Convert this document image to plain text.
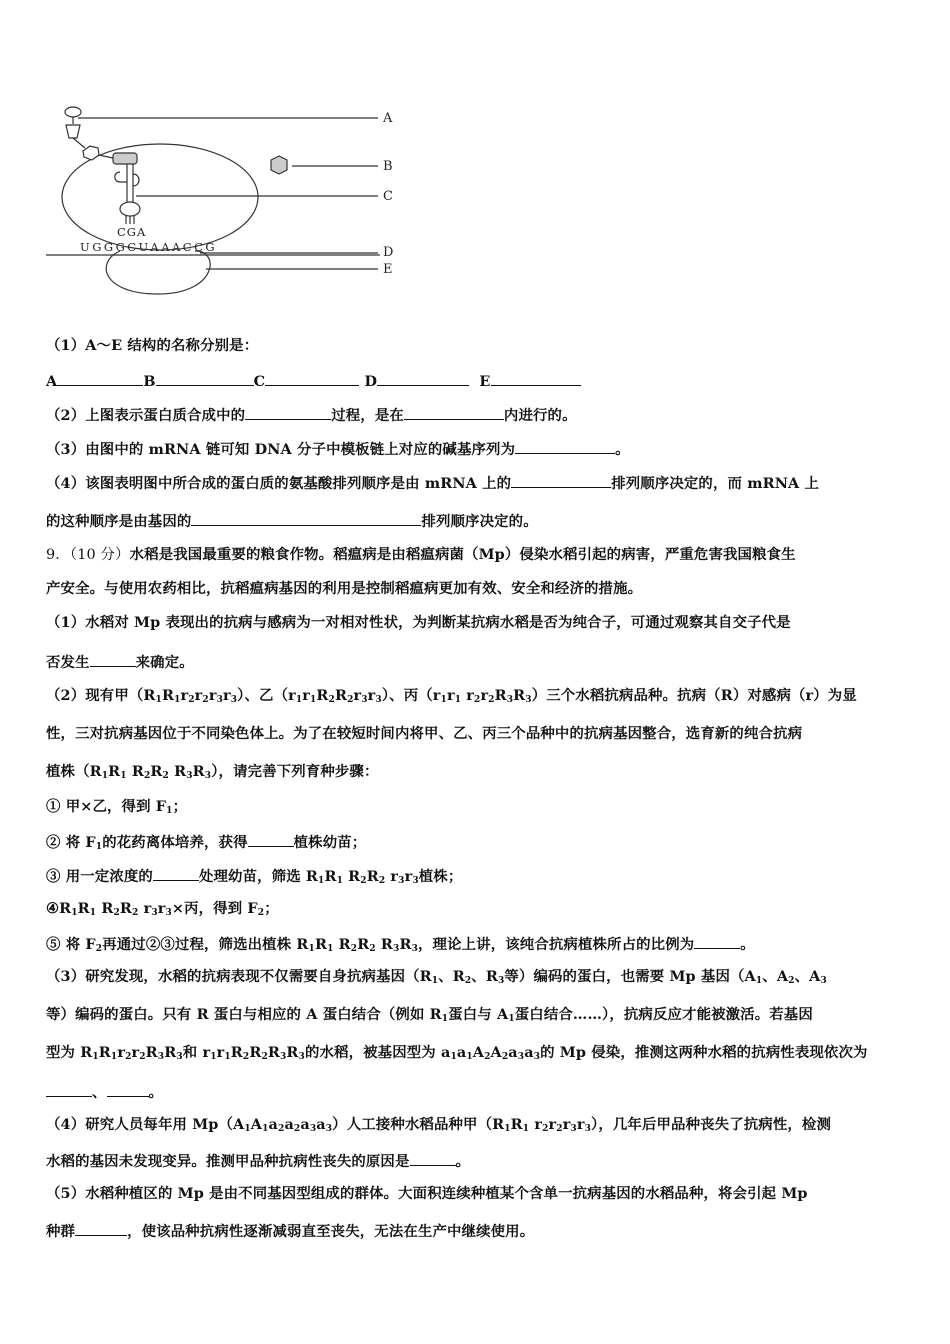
A
B
C
D
E
CGA
UGGGCUAAACCG
（1）A～E 结构的名称分别是：
A	B	C	D	E
（2）上图表示蛋白质合成中的	过程，是在	内进行的。
（3）由图中的 mRNA 链可知 DNA 分子中模板链上对应的碱基序列为	。
（4）该图表明图中所合成的蛋白质的氨基酸排列顺序是由 mRNA 上的	排列顺序决定的，而 mRNA 上
的这种顺序是由基因的	排列顺序决定的。
9．（10 分）水稻是我国最重要的粮食作物。稻瘟病是由稻瘟病菌（Mp）侵染水稻引起的病害，严重危害我国粮食生
产安全。与使用农药相比，抗稻瘟病基因的利用是控制稻瘟病更加有效、安全和经济的措施。
（1）水稻对 Mp 表现出的抗病与感病为一对相对性状，为判断某抗病水稻是否为纯合子，可通过观察其自交子代是
否发生	来确定。
（2）现有甲$(R_1R_1r_2r_2r_3r_3)$、乙$(r_1r_1R_2R_2r_3r_3)$、丙（$r_1r_1$ $r_2r_2R_3R_3$）三个水稻抗病品种。抗病（R）对感病（r）为显
性，三对抗病基因位于不同染色体上。为了在较短时间内将甲、乙、丙三个品种中的抗病基因整合，选育新的纯合抗病
植株（$R_1R_1$ $R_2R_2$ $R_3R_3$），请完善下列育种步骤：
① 甲×乙，得到 $F_1$；
② 将 $F_1$的花药离体培养，获得	植株幼苗；
③ 用一定浓度的	处理幼苗，筛选 $R_1R_1$ $R_2R_2$ $r_3r_3$植株；
$④R_1R_1$ $R_2R_2$ $r_3r_3\times$丙，得到 $F_2$；
⑤ 将 $F_2$再通过②③过程，筛选出植株 $R_1R_1$ $R_2R_2$ $R_3R_3$，理论上讲，该纯合抗病植株所占的比例为	。
（3）研究发现，水稻的抗病表现不仅需要自身抗病基因（$R_1$、$R_2$、$R_3$等）编码的蛋白，也需要 Mp 基因（$A_1$、$A_2$、$A_3$
等）编码的蛋白。只有 R 蛋白与相应的 A 蛋白结合（例如 $R_1$蛋白与 $A_1$蛋白结合……），抗病反应才能被激活。若基因
型为 $R_1R_1r_2r_2R_3R_3$和 $r_1r_1R_2R_2R_3R_3$的水稻，被基因型为 $a_1a_1A_2A_2a_3a_3$的 Mp 侵染，推测这两种水稻的抗病性表现依次为
、	。
（4）研究人员每年用 $Mp(A_1A_1a_2a_2a_3a_3)$人工接种水稻品种甲（$R_1R_1$ $r_2r_2r_3r_3$），几年后甲品种丧失了抗病性，检测
水稻的基因未发现变异。推测甲品种抗病性丧失的原因是	。
（5）水稻种植区的 Mp 是由不同基因型组成的群体。大面积连续种植某个含单一抗病基因的水稻品种，将会引起 Mp
种群	，使该品种抗病性逐渐减弱直至丧失，无法在生产中继续使用。
